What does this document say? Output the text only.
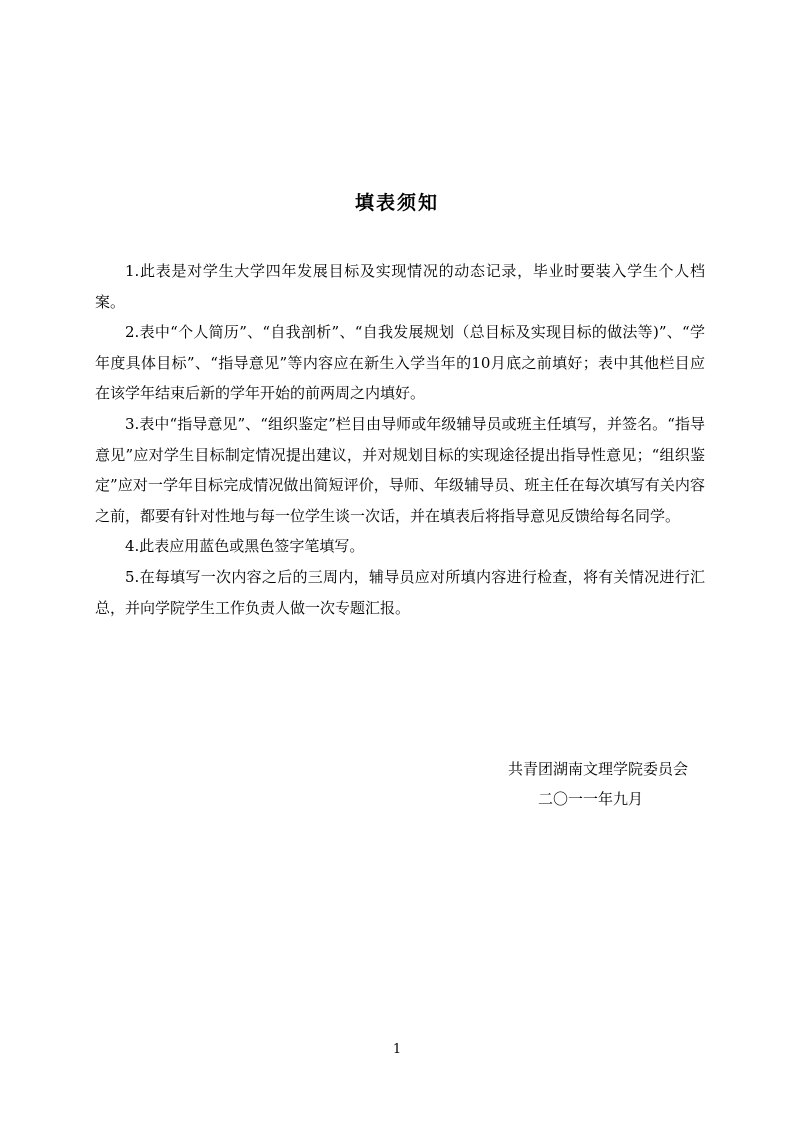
填表须知

1.此表是对学生大学四年发展目标及实现情况的动态记录，毕业时要装入学生个人档案。

2.表中“个人简历”、“自我剖析”、“自我发展规划（总目标及实现目标的做法等)”、“学年度具体目标”、“指导意见”等内容应在新生入学当年的10月底之前填好；表中其他栏目应在该学年结束后新的学年开始的前两周之内填好。

3.表中“指导意见”、“组织鉴定”栏目由导师或年级辅导员或班主任填写，并签名。“指导意见”应对学生目标制定情况提出建议，并对规划目标的实现途径提出指导性意见；“组织鉴定”应对一学年目标完成情况做出简短评价，导师、年级辅导员、班主任在每次填写有关内容之前，都要有针对性地与每一位学生谈一次话，并在填表后将指导意见反馈给每名同学。

4.此表应用蓝色或黑色签字笔填写。

5.在每填写一次内容之后的三周内，辅导员应对所填内容进行检查，将有关情况进行汇总，并向学院学生工作负责人做一次专题汇报。

共青团湖南文理学院委员会
二〇一一年九月
1
